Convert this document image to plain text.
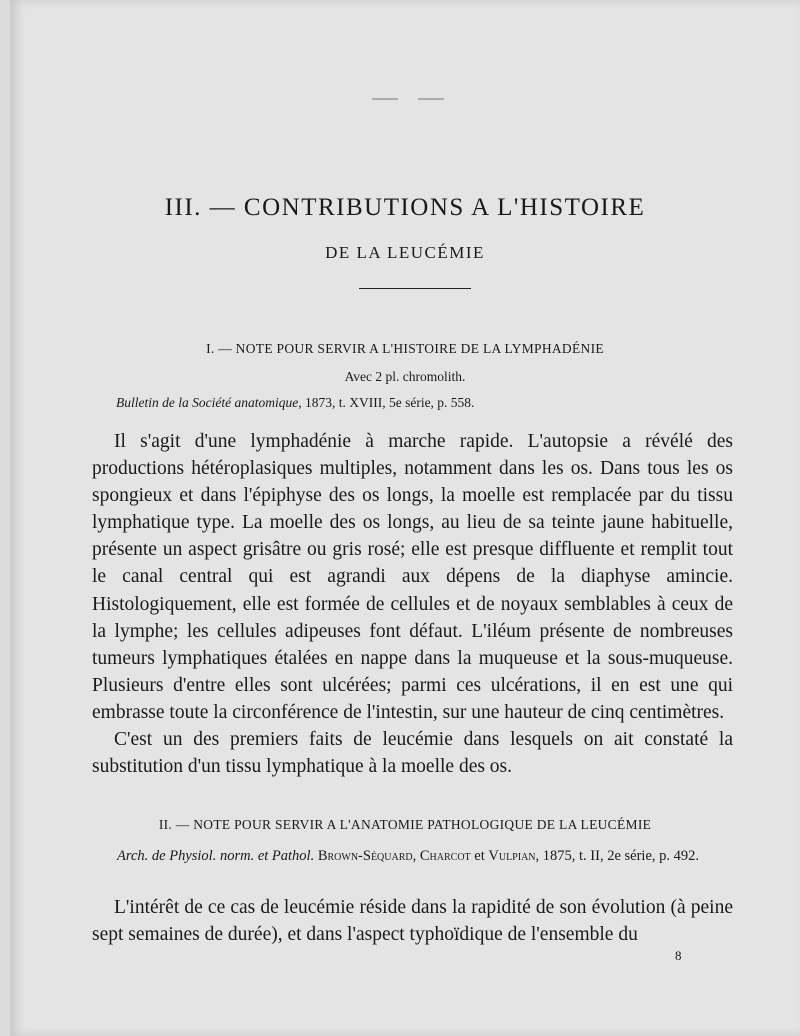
III. — CONTRIBUTIONS A L'HISTOIRE
DE LA LEUCÉMIE
I. — NOTE POUR SERVIR A L'HISTOIRE DE LA LYMPHADÉNIE
Avec 2 pl. chromolith.
Bulletin de la Société anatomique, 1873, t. XVIII, 5e série, p. 558.

Il s'agit d'une lymphadénie à marche rapide. L'autopsie a révélé des productions hétéroplasiques multiples, notamment dans les os. Dans tous les os spongieux et dans l'épiphyse des os longs, la moelle est remplacée par du tissu lymphatique type. La moelle des os longs, au lieu de sa teinte jaune habituelle, présente un aspect grisâtre ou gris rosé; elle est presque diffluente et remplit tout le canal central qui est agrandi aux dépens de la diaphyse amincie. Histologiquement, elle est formée de cellules et de noyaux semblables à ceux de la lymphe; les cellules adipeuses font défaut. L'iléum présente de nombreuses tumeurs lymphatiques étalées en nappe dans la muqueuse et la sous-muqueuse. Plusieurs d'entre elles sont ulcérées; parmi ces ulcérations, il en est une qui embrasse toute la circonférence de l'intestin, sur une hauteur de cinq centimètres.

C'est un des premiers faits de leucémie dans lesquels on ait constaté la substitution d'un tissu lymphatique à la moelle des os.

II. — NOTE POUR SERVIR A L'ANATOMIE PATHOLOGIQUE DE LA LEUCÉMIE
Arch. de Physiol. norm. et Pathol. Brown-Séquard, Charcot et Vulpian, 1875, t. II, 2e série, p. 492.

L'intérêt de ce cas de leucémie réside dans la rapidité de son évolution (à peine sept semaines de durée), et dans l'aspect typhoïdique de l'ensemble du

8
